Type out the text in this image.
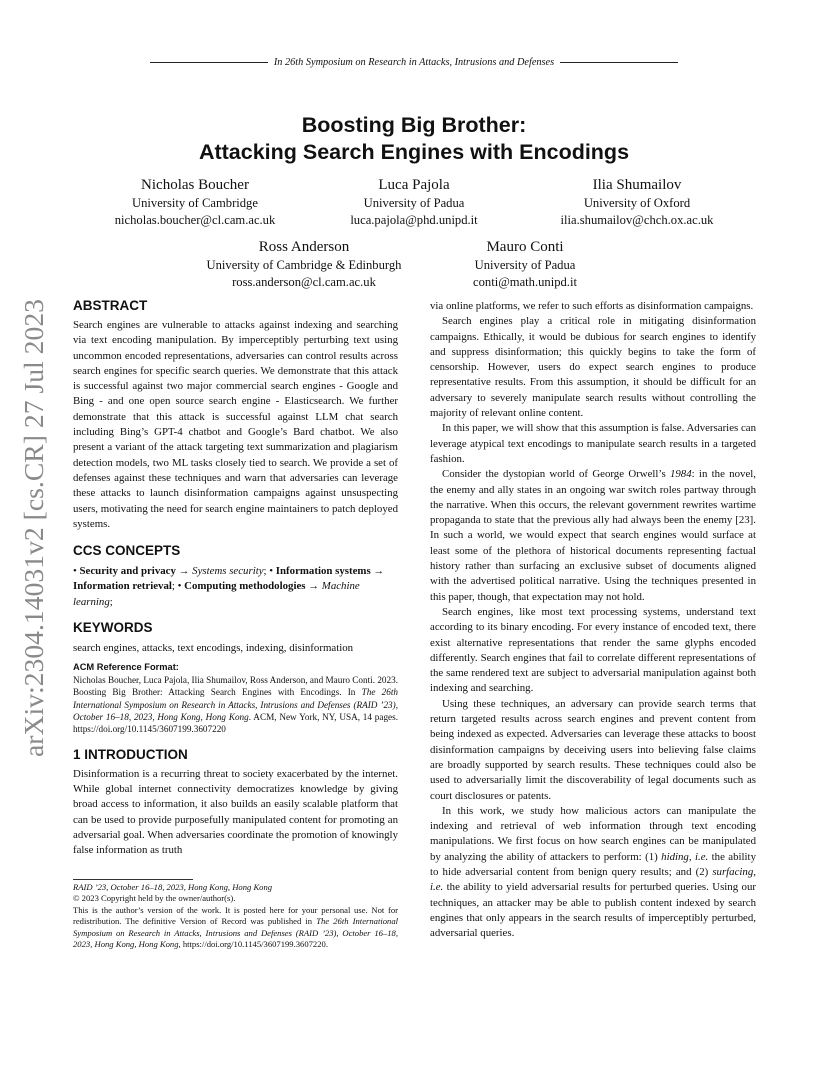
In 26th Symposium on Research in Attacks, Intrusions and Defenses
Boosting Big Brother:
Attacking Search Engines with Encodings
Nicholas Boucher
University of Cambridge
nicholas.boucher@cl.cam.ac.uk
Luca Pajola
University of Padua
luca.pajola@phd.unipd.it
Ilia Shumailov
University of Oxford
ilia.shumailov@chch.ox.ac.uk
Ross Anderson
University of Cambridge & Edinburgh
ross.anderson@cl.cam.ac.uk
Mauro Conti
University of Padua
conti@math.unipd.it
arXiv:2304.14031v2 [cs.CR] 27 Jul 2023
ABSTRACT

Search engines are vulnerable to attacks against indexing and searching via text encoding manipulation. By imperceptibly perturbing text using uncommon encoded representations, adversaries can control results across search engines for specific search queries. We demonstrate that this attack is successful against two major commercial search engines - Google and Bing - and one open source search engine - Elasticsearch. We further demonstrate that this attack is successful against LLM chat search including Bing’s GPT-4 chatbot and Google’s Bard chatbot. We also present a variant of the attack targeting text summarization and plagiarism detection models, two ML tasks closely tied to search. We provide a set of defenses against these techniques and warn that adversaries can leverage these attacks to launch disinformation campaigns against unsuspecting users, motivating the need for search engine maintainers to patch deployed systems.

CCS CONCEPTS

• Security and privacy → Systems security; • Information systems → Information retrieval; • Computing methodologies → Machine learning;

KEYWORDS

search engines, attacks, text encodings, indexing, disinformation

ACM Reference Format:
Nicholas Boucher, Luca Pajola, Ilia Shumailov, Ross Anderson, and Mauro Conti. 2023. Boosting Big Brother: Attacking Search Engines with Encodings. In The 26th International Symposium on Research in Attacks, Intrusions and Defenses (RAID ’23), October 16–18, 2023, Hong Kong, Hong Kong. ACM, New York, NY, USA, 14 pages. https://doi.org/10.1145/3607199.3607220
1 INTRODUCTION

Disinformation is a recurring threat to society exacerbated by the internet. While global internet connectivity democratizes knowledge by giving broad access to information, it also builds an easily scalable platform that can be used to provide purposefully manipulated content for promoting an adversarial goal. When adversaries coordinate the promotion of knowingly false information as truth

RAID ’23, October 16–18, 2023, Hong Kong, Hong Kong
© 2023 Copyright held by the owner/author(s).
This is the author’s version of the work. It is posted here for your personal use. Not for redistribution. The definitive Version of Record was published in The 26th International Symposium on Research in Attacks, Intrusions and Defenses (RAID ’23), October 16–18, 2023, Hong Kong, Hong Kong, https://doi.org/10.1145/3607199.3607220.

via online platforms, we refer to such efforts as disinformation campaigns.

Search engines play a critical role in mitigating disinformation campaigns. Ethically, it would be dubious for search engines to identify and suppress disinformation; this quickly begins to take the form of censorship. However, users do expect search engines to produce representative results. From this assumption, it should be difficult for an adversary to severely manipulate search results without controlling the majority of relevant online content.

In this paper, we will show that this assumption is false. Adversaries can leverage atypical text encodings to manipulate search results in a targeted fashion.

Consider the dystopian world of George Orwell’s 1984: in the novel, the enemy and ally states in an ongoing war switch roles partway through the narrative. When this occurs, the relevant government rewrites wartime propaganda to state that the previous ally had always been the enemy [23]. In such a world, we would expect that search engines would surface at least some of the plethora of historical documents representing factual history rather than surfacing an exclusive subset of documents aligned with the advertised political narrative. Using the techniques presented in this paper, though, that expectation may not hold.

Search engines, like most text processing systems, understand text according to its binary encoding. For every instance of encoded text, there exist alternative representations that render the same glyphs encoded differently. Search engines that fail to correlate different representations of the same rendered text are subject to adversarial manipulation against both indexing and searching.

Using these techniques, an adversary can provide search terms that return targeted results across search engines and prevent content from being indexed as expected. Adversaries can leverage these attacks to boost disinformation campaigns by deceiving users into believing false claims are broadly supported by search results. These techniques could also be used to adversarially limit the discoverability of legal documents such as court disclosures or patents.

In this work, we study how malicious actors can manipulate the indexing and retrieval of web information through text encoding manipulations. We first focus on how search engines can be manipulated by analyzing the ability of attackers to perform: (1) hiding, i.e. the ability to hide adversarial content from benign query results; and (2) surfacing, i.e. the ability to yield adversarial results for perturbed queries. Using our techniques, an attacker may be able to publish content indexed by search engines that only appears in the search results of imperceptibly perturbed, adversarial queries.
